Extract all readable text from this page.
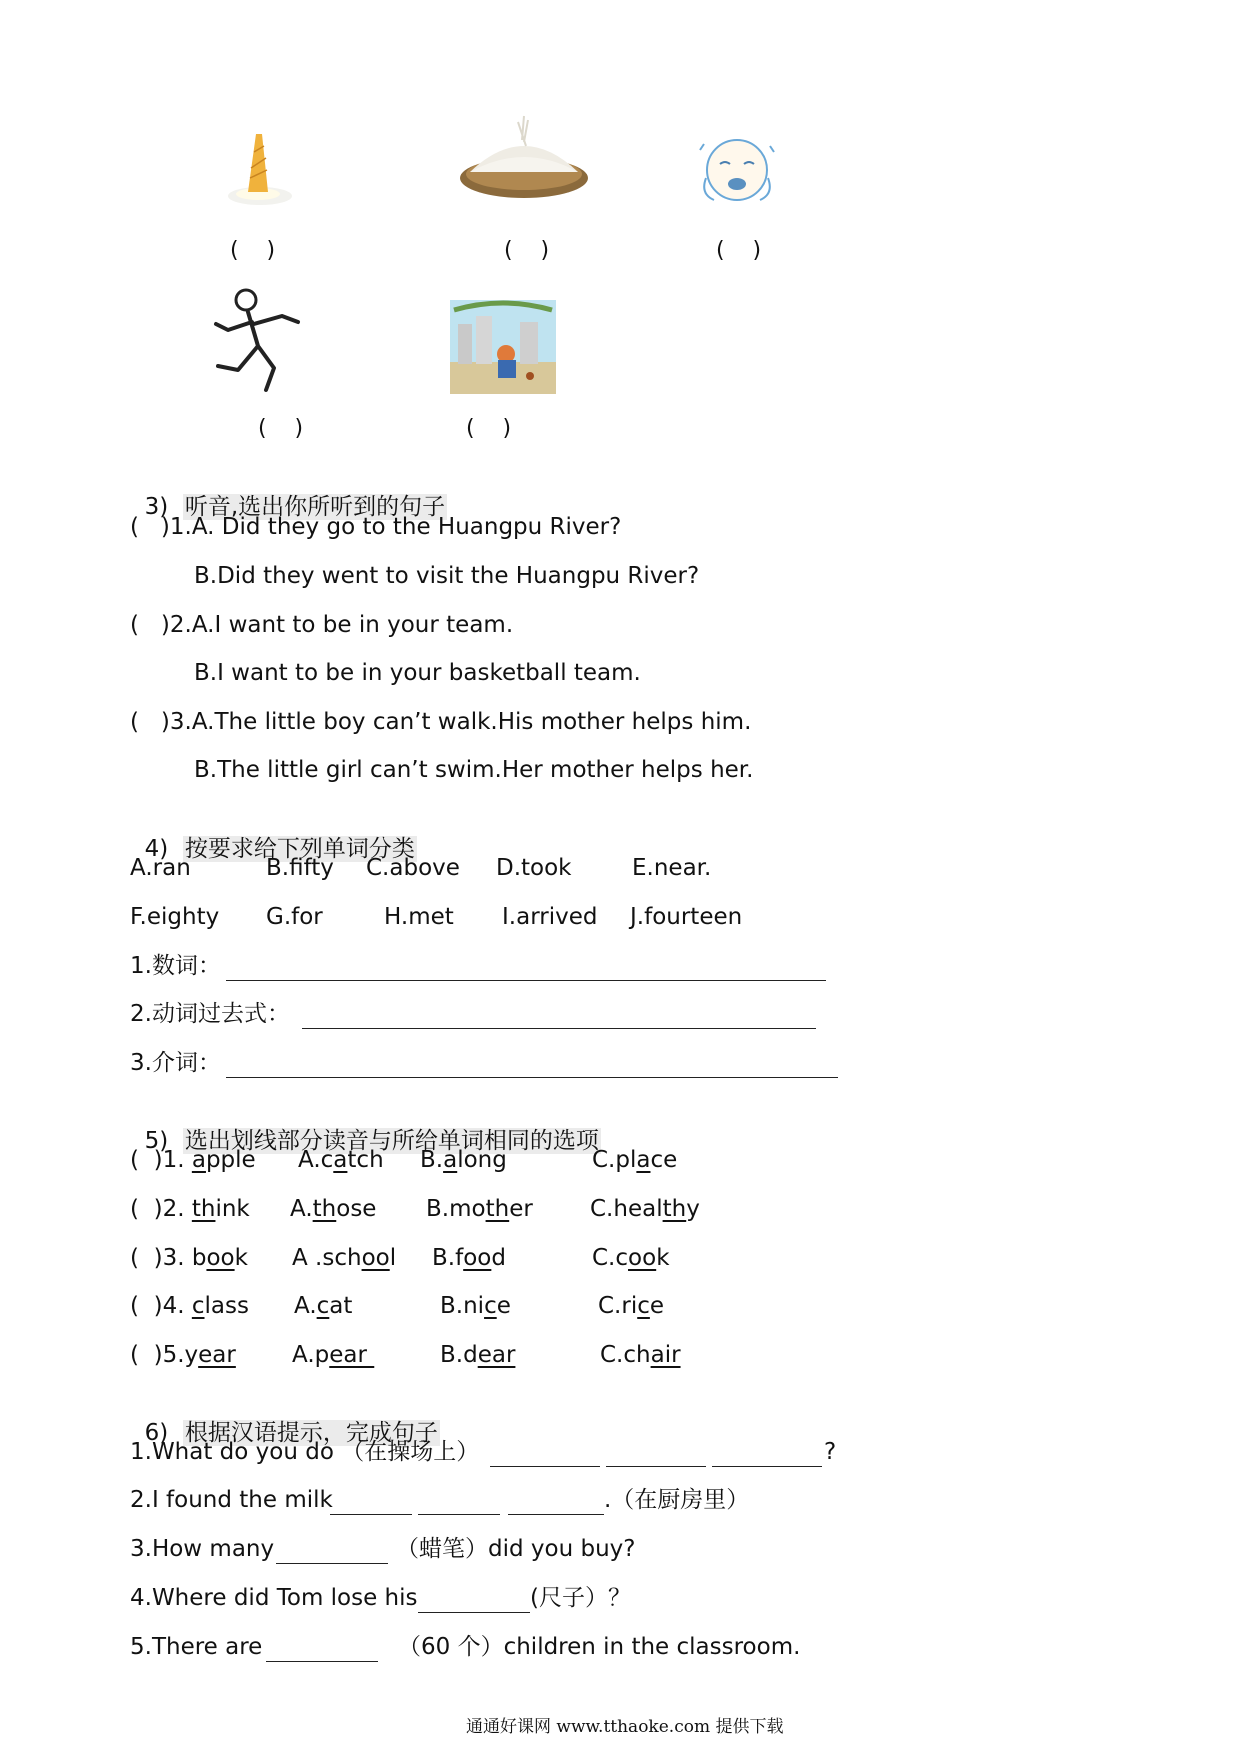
(    )	(    )	(    )
(    )	(    )

3) 听音,选出你所听到的句子

( )1.A. Did they go to the Huangpu River?
B.Did they went to visit the Huangpu River?
( )2.A.I want to be in your team.
B.I want to be in your basketball team.
( )3.A.The little boy can’t walk.His mother helps him.
B.The little girl can’t swim.Her mother helps her.

4) 按要求给下列单词分类

A.ran	B.fifty C.above D.took	E.near.
F.eighty G.for	H.met I.arrived J.fourteen
1.数词：
2.动词过去式：
3.介词：

5) 选出划线部分读音与所给单词相同的选项

( )1. apple A.catch B.along	C.place
( )2. think A.those B.mother C.healthy
( )3. book A .school B.food	C.cook
( )4. class A.cat	B.nice	C.rice
( )5.year A.pear	B.dear	C.chair

6) 根据汉语提示，完成句子

1.What do you do （在操场上）	?
2.I found the milk	.（在厨房里）
3.How many	（蜡笔）did you buy?
4.Where did Tom lose his	(尺子）？
5.There are	（60 个）children in the classroom.
通通好课网 www.tthaoke.com 提供下载
